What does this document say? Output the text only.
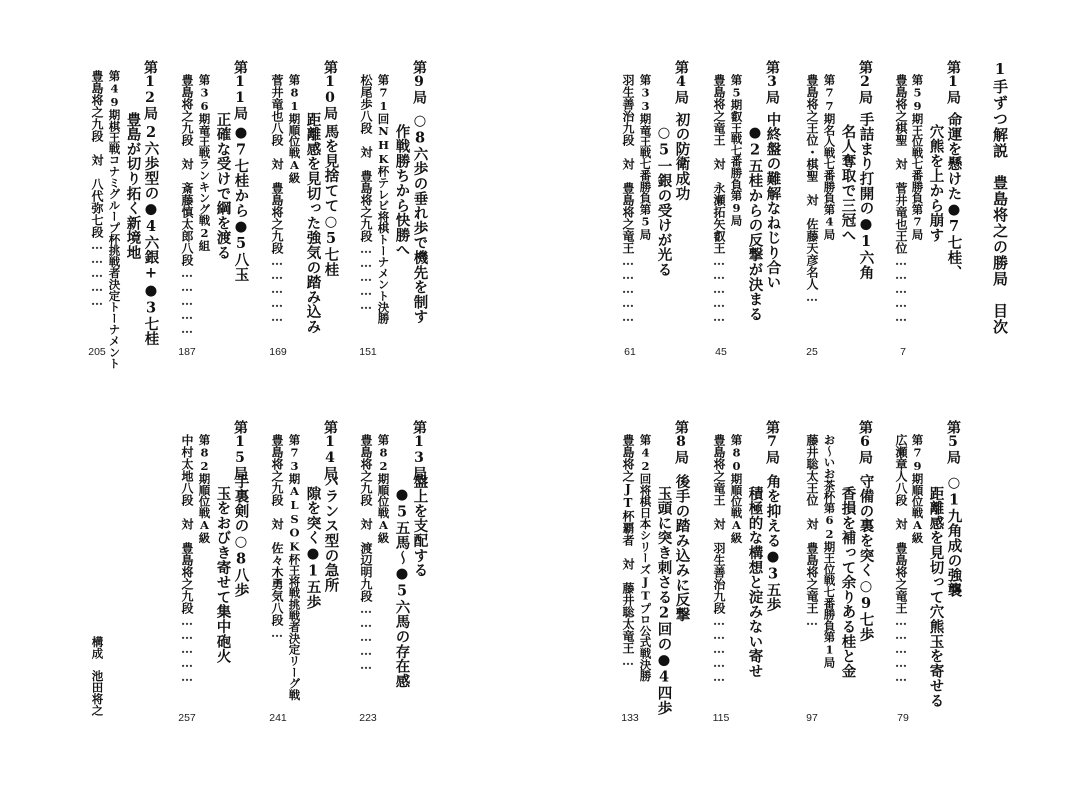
1手ずつ解説　豊島将之の勝局　目次
第1局
命運を懸けた●7七桂、
穴熊を上から崩す
第59期王位戦七番勝負第7局
豊島将之棋聖　対　菅井竜也王位……………
7
第2局
手詰まり打開の●1六角
名人奪取で三冠へ
第77期名人戦七番勝負第4局
豊島将之王位・棋聖　対　佐藤天彦名人…
25
第3局
中終盤の難解なねじり合い
●2五桂からの反撃が決まる
第5期叡王戦七番勝負第9局
豊島将之竜王　対　永瀬拓矢叡王……………
45
第4局
初の防衛成功
○5一銀の受けが光る
第33期竜王戦七番勝負第5局
羽生善治九段　対　豊島将之竜王……………
61
第9局
○8六歩の垂れ歩で機先を制す
作戦勝ちから快勝へ
第71回NHK杯テレビ将棋トーナメント決勝
松尾歩八段　対　豊島将之九段……………
151
第10局
馬を見捨てて○5七桂
距離感を見切った強気の踏み込み
第81期順位戦A級
菅井竜也八段　対　豊島将之九段……………
169
第11局
●7七桂から●5八玉
正確な受けで綱を渡る
第36期竜王戦ランキング戦2組
豊島将之九段　対　斎藤慎太郎八段……………
187
第12局
2六歩型の●4六銀+●3七桂
豊島が切り拓く新境地
第49期棋王戦コナミグループ杯挑戦者決定トーナメント
豊島将之九段　対　八代弥七段……………
205
第5局
○1九角成の強襲
距離感を見切って穴熊玉を寄せる
第79期順位戦A級
広瀬章人八段　対　豊島将之竜王……………
79
第6局
守備の裏を突く○9七歩
香損を補って余りある桂と金
お～いお茶杯第62期王位戦七番勝負第1局
藤井聡太王位　対　豊島将之竜王…
97
第7局
角を抑える●3五歩
積極的な構想と淀みない寄せ
第80期順位戦A級
豊島将之竜王　対　羽生善治九段……………
115
第8局
後手の踏み込みに反撃
玉頭に突き刺さる2回の●4四歩
第42回将棋日本シリーズJTプロ公式戦決勝
豊島将之JT杯覇者　対　藤井聡太竜王…
133
第13局
盤上を支配する
●5五馬～●5六馬の存在感
第82期順位戦A級
豊島将之九段　対　渡辺明九段……………
223
第14局
バランス型の急所
隙を突く●1五歩
第73期ALSOK杯王将戦挑戦者決定リーグ戦
豊島将之九段　対　佐々木勇気八段…
241
第15局
手裏剣の○8八歩
玉をおびき寄せて集中砲火
第82期順位戦A級
中村太地八段　対　豊島将之九段……………
257
構成
池田将之
